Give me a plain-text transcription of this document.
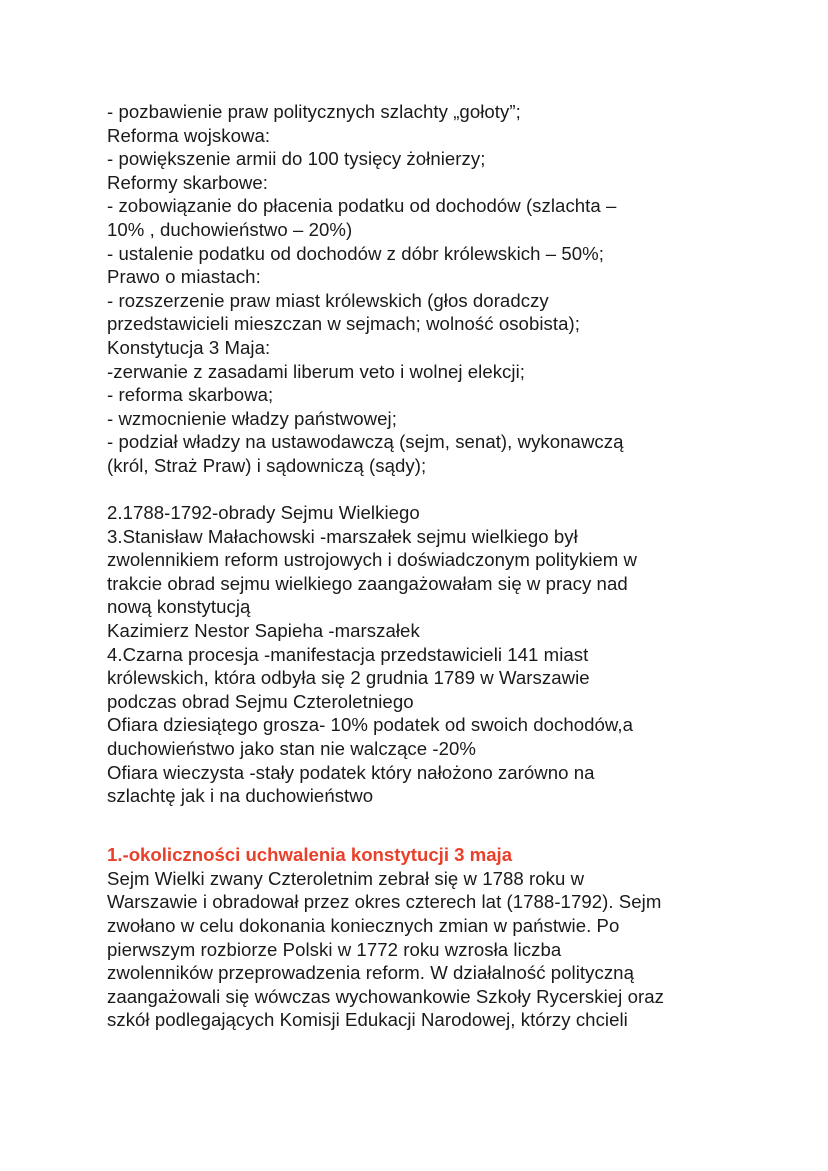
- pozbawienie praw politycznych szlachty „gołoty”;
Reforma wojskowa:
- powiększenie armii do 100 tysięcy żołnierzy;
Reformy skarbowe:
- zobowiązanie do płacenia podatku od dochodów (szlachta –
10% , duchowieństwo – 20%)
- ustalenie podatku od dochodów z dóbr królewskich – 50%;
Prawo o miastach:
- rozszerzenie praw miast królewskich (głos doradczy
przedstawicieli mieszczan w sejmach; wolność osobista);
Konstytucja 3 Maja:
-zerwanie z zasadami liberum veto i wolnej elekcji;
- reforma skarbowa;
- wzmocnienie władzy państwowej;
- podział władzy na ustawodawczą (sejm, senat), wykonawczą
(król, Straż Praw) i sądowniczą (sądy);
2.1788-1792-obrady Sejmu Wielkiego
3.Stanisław Małachowski -marszałek sejmu wielkiego był
zwolennikiem reform ustrojowych i doświadczonym politykiem w
trakcie obrad sejmu wielkiego zaangażowałam się w pracy nad
nową konstytucją
Kazimierz Nestor Sapieha -marszałek
4.Czarna procesja -manifestacja przedstawicieli 141 miast
królewskich, która odbyła się 2 grudnia 1789 w Warszawie
podczas obrad Sejmu Czteroletniego
Ofiara dziesiątego grosza- 10% podatek od swoich dochodów,a
duchowieństwo jako stan nie walczące -20%
Ofiara wieczysta -stały podatek który nałożono zarówno na
szlachtę jak i na duchowieństwo
1.-okoliczności uchwalenia konstytucji 3 maja
Sejm Wielki zwany Czteroletnim zebrał się w 1788 roku w
Warszawie i obradował przez okres czterech lat (1788-1792). Sejm
zwołano w celu dokonania koniecznych zmian w państwie. Po
pierwszym rozbiorze Polski w 1772 roku wzrosła liczba
zwolenników przeprowadzenia reform. W działalność polityczną
zaangażowali się wówczas wychowankowie Szkoły Rycerskiej oraz
szkół podlegających Komisji Edukacji Narodowej, którzy chcieli
